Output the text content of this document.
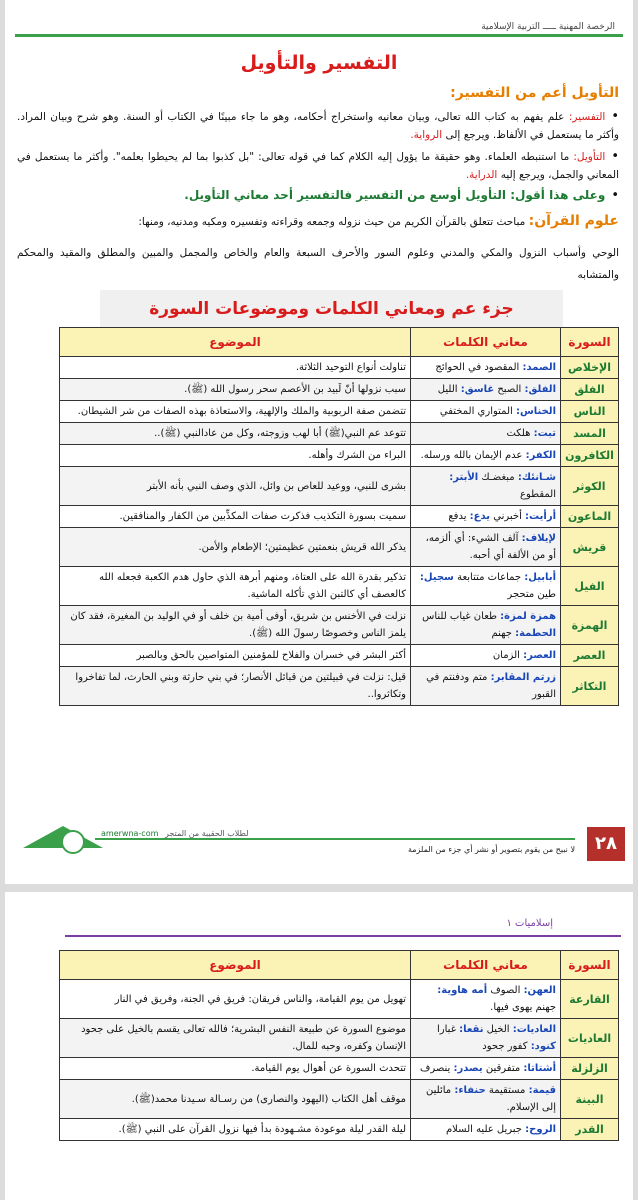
الرخصة المهنية ـــــ التربية الإسلامية
التفسير والتأويل
التأويل أعم من التفسير:
• التفسير: علم يفهم به كتاب الله تعالى، وبيان معانيه واستخراج أحكامه، وهو ما جاء مبينًا في الكتاب أو السنة. وهو شرح وبيان المراد. وأكثر ما يستعمل في الألفاظ. ويرجع إلى الرواية.
• التأويل: ما استنبطه العلماء. وهو حقيقة ما يؤول إليه الكلام كما في قوله تعالى: "بل كذبوا بما لم يحيطوا بعلمه". وأكثر ما يستعمل في المعاني والجمل، ويرجع إليه الدراية.
• وعلى هذا أقول: التأويل أوسع من التفسير فالتفسير أحد معاني التأويل.
علوم القرآن: مباحث تتعلق بالقرآن الكريم من حيث نزوله وجمعه وقراءته وتفسيره ومكيه ومدنيه، ومنها:
الوحي وأسباب النزول والمكي والمدني وعلوم السور والأحرف السبعة والعام والخاص والمجمل والمبين والمطلق والمقيد والمحكم والمتشابه
جزء عم ومعاني الكلمات وموضوعات السورة
السورة	معاني الكلمات	الموضوع
الإخلاص	الصمد: المقصود في الحوائج	تناولت أنواع التوحيد الثلاثة.
الفلق	الفلق: الصبح غاسق: الليل	سبب نزولها أنّ لَبيد بن الأعصم سحر رسول الله (ﷺ).
الناس	الخناس: المتواري المختفي	تتضمن صفة الربوبية والملك والإلهية، والاستعاذة بهذه الصفات من شر الشيطان.
المسد	تبت: هلكت	تتوعد عم النبي(ﷺ) أبا لهب وزوجته، وكل من عادالنبي (ﷺ)..
الكافرون	الكفر: عدم الإيمان بالله ورسله.	البراء من الشرك وأهله.
الكوثر	شـانئك: مبغضـك الأبتر: المقطوع	بشرى للنبي، ووعيد للعاص بن وائل، الذي وصف النبي بأنه الأبتر
الماعون	أرأيت: أخبرني يدع: يدفع	سميت بسورة التكذيب فذكرت صفات المكذِّبين من الكفار والمنافقين.
قريش	لإيلاف: آلف الشيء: أي ألزمه، أو من الألفة أي أحبه.	يذكر الله قريش بنعمتين عظيمتين؛ الإطعام والأمن.
الفيل	أبابيل: جماعات متتابعة سجيل: طين متحجر	تذكير بقدرة الله على العتاة، ومنهم أبرهة الذي حاول هدم الكعبة فجعله الله كالعصف أي كالتبن الذي تأكله الماشية.
الهمزة	همزة لمزة: طعان غياب للناس الحطمة: جهنم	نزلت في الأخنس بن شريق، أوفى أمية بن خلف أو في الوليد بن المغيرة، فقد كان يلمز الناس وخصوصًا رسولَ الله (ﷺ).
العصر	العصر: الزمان	أكثر البشر في خسران والفلاح للمؤمنين المتواصين بالحق وبالصبر
التكاثر	زرتم المقابر: متم ودفنتم في القبور	قيل: نزلت في قبيلتين من قبائل الأنصار؛ في بني حارثة وبني الحارث، لما تفاخروا وتكاثروا..
amerwna-com لطلاب الحقيبة من المتجر	٢٨
لا نبيح من يقوم بتصوير أو نشر أي جزء من الملزمة
إسلاميات ١
السورة	معاني الكلمات	الموضوع
القارعة	العهن: الصوف أمه هاوية: جهنم يهوى فيها.	تهويل من يوم القيامة، والناس فريقان: فريق في الجنة، وفريق في النار
العاديات	العاديات: الخيل نقعا: غبارا كنود: كفور جحود	موضوع السورة عن طبيعة النفس البشرية؛ فالله تعالى يقسم بالخيل على جحود الإنسان وكفره، وحبه للمال.
الزلزلة	أشتاتا: متفرقين يصدر: ينصرف	تتحدث السورة عن أهوال يوم القيامة.
البينة	قيمة: مستقيمة حنفاء: مائلين إلى الإسلام.	موقف أهل الكتاب (اليهود والنصارى) من رسـالة سـيدنا محمد(ﷺ).
القدر	الروح: جبريل عليه السلام	ليلة القدر ليلة موعودة مشـهودة بدأ فيها نزول القرآن على النبي (ﷺ).
